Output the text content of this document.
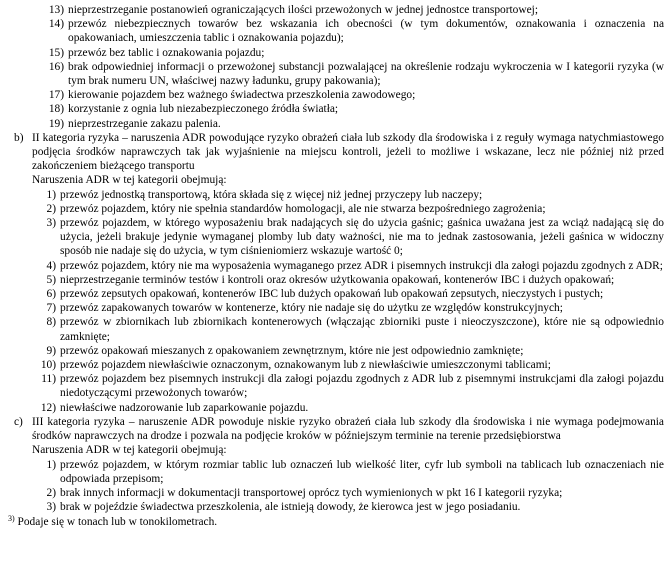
13) nieprzestrzeganie postanowień ograniczających ilości przewożonych w jednej jednostce transportowej;
14) przewóz niebezpiecznych towarów bez wskazania ich obecności (w tym dokumentów, oznakowania i oznaczenia na opakowaniach, umieszczenia tablic i oznakowania pojazdu);
15) przewóz bez tablic i oznakowania pojazdu;
16) brak odpowiedniej informacji o przewożonej substancji pozwalającej na określenie rodzaju wykroczenia w I kategorii ryzyka (w tym brak numeru UN, właściwej nazwy ładunku, grupy pakowania);
17) kierowanie pojazdem bez ważnego świadectwa przeszkolenia zawodowego;
18) korzystanie z ognia lub niezabezpieczonego źródła światła;
19) nieprzestrzeganie zakazu palenia.
b) II kategoria ryzyka – naruszenia ADR powodujące ryzyko obrażeń ciała lub szkody dla środowiska i z reguły wymaga natychmiastowego podjęcia środków naprawczych tak jak wyjaśnienie na miejscu kontroli, jeżeli to możliwe i wskazane, lecz nie później niż przed zakończeniem bieżącego transportu

Naruszenia ADR w tej kategorii obejmują:

1) przewóz jednostką transportową, która składa się z więcej niż jednej przyczepy lub naczepy;
2) przewóz pojazdem, który nie spełnia standardów homologacji, ale nie stwarza bezpośredniego zagrożenia;
3) przewóz pojazdem, w którego wyposażeniu brak nadających się do użycia gaśnic; gaśnica uważana jest za wciąż nadającą się do użycia, jeżeli brakuje jedynie wymaganej plomby lub daty ważności, nie ma to jednak zastosowania, jeżeli gaśnica w widoczny sposób nie nadaje się do użycia, w tym ciśnieniomierz wskazuje wartość 0;
4) przewóz pojazdem, który nie ma wyposażenia wymaganego przez ADR i pisemnych instrukcji dla załogi pojazdu zgodnych z ADR;
5) nieprzestrzeganie terminów testów i kontroli oraz okresów użytkowania opakowań, kontenerów IBC i dużych opakowań;
6) przewóz zepsutych opakowań, kontenerów IBC lub dużych opakowań lub opakowań zepsutych, nieczystych i pustych;
7) przewóz zapakowanych towarów w kontenerze, który nie nadaje się do użytku ze względów konstrukcyjnych;
8) przewóz w zbiornikach lub zbiornikach kontenerowych (włączając zbiorniki puste i nieoczyszczone), które nie są odpowiednio zamknięte;
9) przewóz opakowań mieszanych z opakowaniem zewnętrznym, które nie jest odpowiednio zamknięte;
10) przewóz pojazdem niewłaściwie oznaczonym, oznakowanym lub z niewłaściwie umieszczonymi tablicami;
11) przewóz pojazdem bez pisemnych instrukcji dla załogi pojazdu zgodnych z ADR lub z pisemnymi instrukcjami dla załogi pojazdu niedotyczącymi przewożonych towarów;
12) niewłaściwe nadzorowanie lub zaparkowanie pojazdu.
c) III kategoria ryzyka – naruszenie ADR powoduje niskie ryzyko obrażeń ciała lub szkody dla środowiska i nie wymaga podejmowania środków naprawczych na drodze i pozwala na podjęcie kroków w późniejszym terminie na terenie przedsiębiorstwa

Naruszenia ADR w tej kategorii obejmują:

1) przewóz pojazdem, w którym rozmiar tablic lub oznaczeń lub wielkość liter, cyfr lub symboli na tablicach lub oznaczeniach nie odpowiada przepisom;
2) brak innych informacji w dokumentacji transportowej oprócz tych wymienionych w pkt 16 I kategorii ryzyka;
3) brak w pojeździe świadectwa przeszkolenia, ale istnieją dowody, że kierowca jest w jego posiadaniu.

$^{3)}$ Podaje się w tonach lub w tonokilometrach.
